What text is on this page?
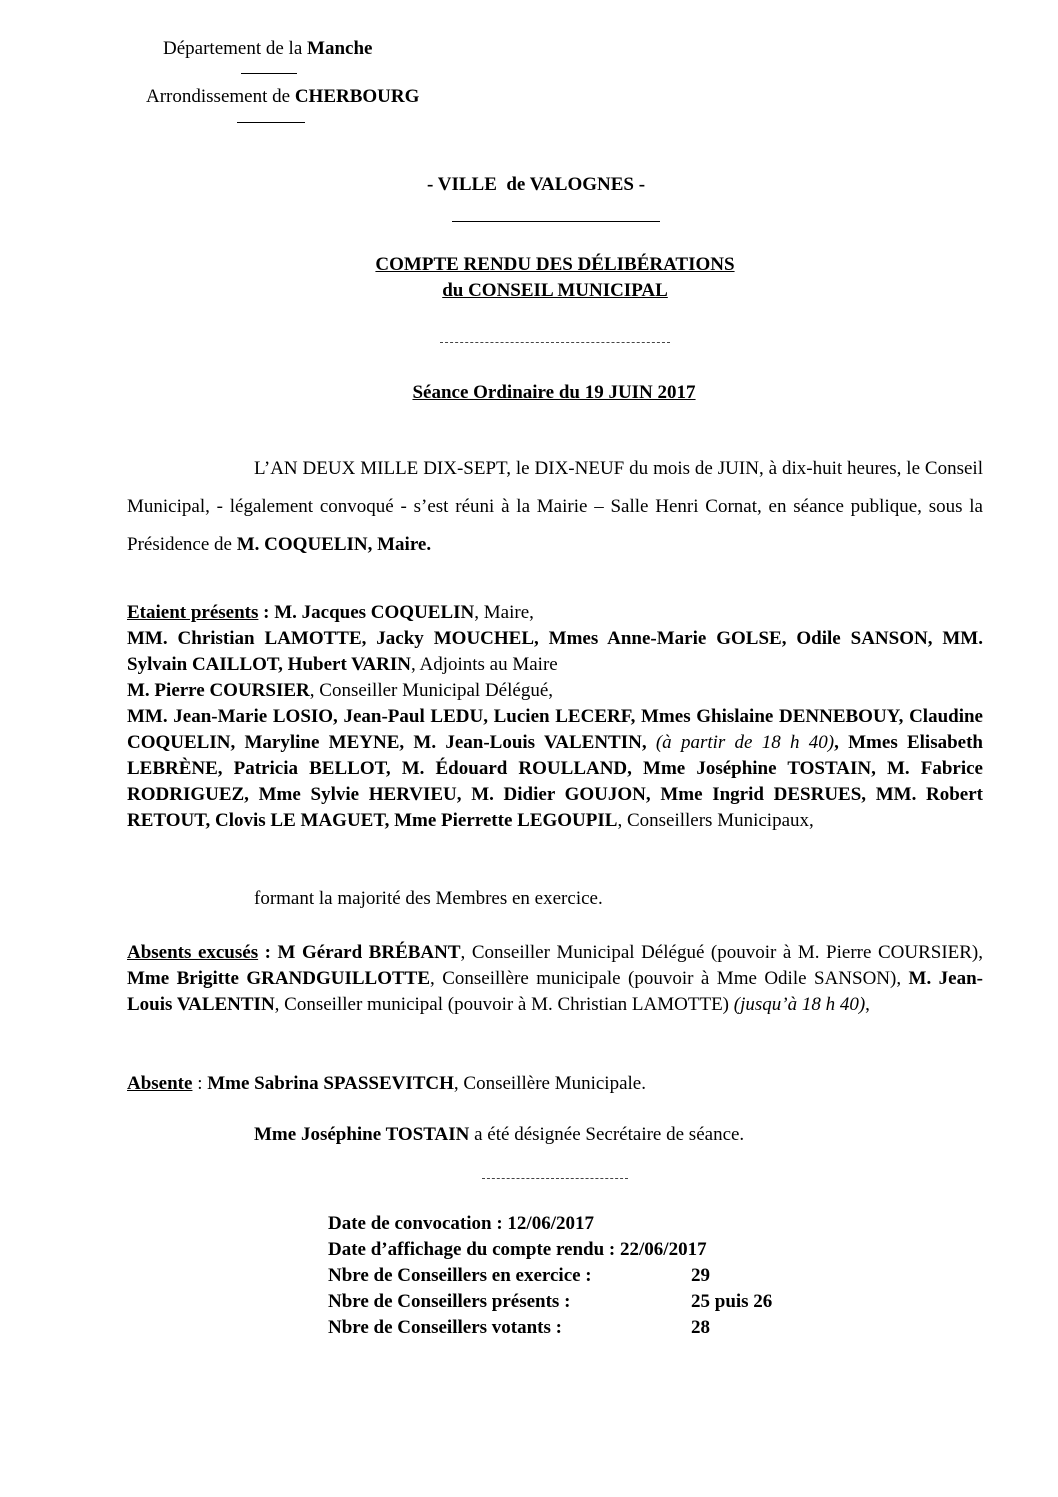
Département de la Manche
Arrondissement de CHERBOURG
- VILLE  de VALOGNES -
COMPTE RENDU DES DÉLIBÉRATIONS
du CONSEIL MUNICIPAL
Séance Ordinaire du 19 JUIN 2017
L’AN DEUX MILLE DIX-SEPT, le DIX-NEUF du mois de JUIN, à dix-huit heures, le Conseil Municipal, - légalement convoqué - s’est réuni à la Mairie – Salle Henri Cornat, en séance publique, sous la Présidence de M. COQUELIN, Maire.
Etaient présents : M. Jacques COQUELIN, Maire,
MM. Christian LAMOTTE, Jacky MOUCHEL, Mmes Anne-Marie GOLSE, Odile SANSON, MM. Sylvain CAILLOT, Hubert VARIN, Adjoints au Maire
M. Pierre COURSIER, Conseiller Municipal Délégué,
MM. Jean-Marie LOSIO, Jean-Paul LEDU, Lucien LECERF, Mmes Ghislaine DENNEBOUY, Claudine COQUELIN, Maryline MEYNE, M. Jean-Louis VALENTIN, (à partir de 18 h 40), Mmes Elisabeth LEBRÈNE, Patricia BELLOT, M. Édouard ROULLAND, Mme Joséphine TOSTAIN, M. Fabrice RODRIGUEZ, Mme Sylvie HERVIEU, M. Didier GOUJON, Mme Ingrid DESRUES, MM. Robert RETOUT, Clovis LE MAGUET, Mme Pierrette LEGOUPIL, Conseillers Municipaux,
formant la majorité des Membres en exercice.
Absents excusés : M Gérard BRÉBANT, Conseiller Municipal Délégué (pouvoir à M. Pierre COURSIER), Mme Brigitte GRANDGUILLOTTE, Conseillère municipale (pouvoir à Mme Odile SANSON), M. Jean-Louis VALENTIN, Conseiller municipal (pouvoir à M. Christian LAMOTTE) (jusqu’à 18 h 40),
Absente : Mme Sabrina SPASSEVITCH, Conseillère Municipale.
Mme Joséphine TOSTAIN a été désignée Secrétaire de séance.
Date de convocation : 12/06/2017
Date d’affichage du compte rendu : 22/06/2017
Nbre de Conseillers en exercice :	29
Nbre de Conseillers présents :	25 puis 26
Nbre de Conseillers votants :	28
